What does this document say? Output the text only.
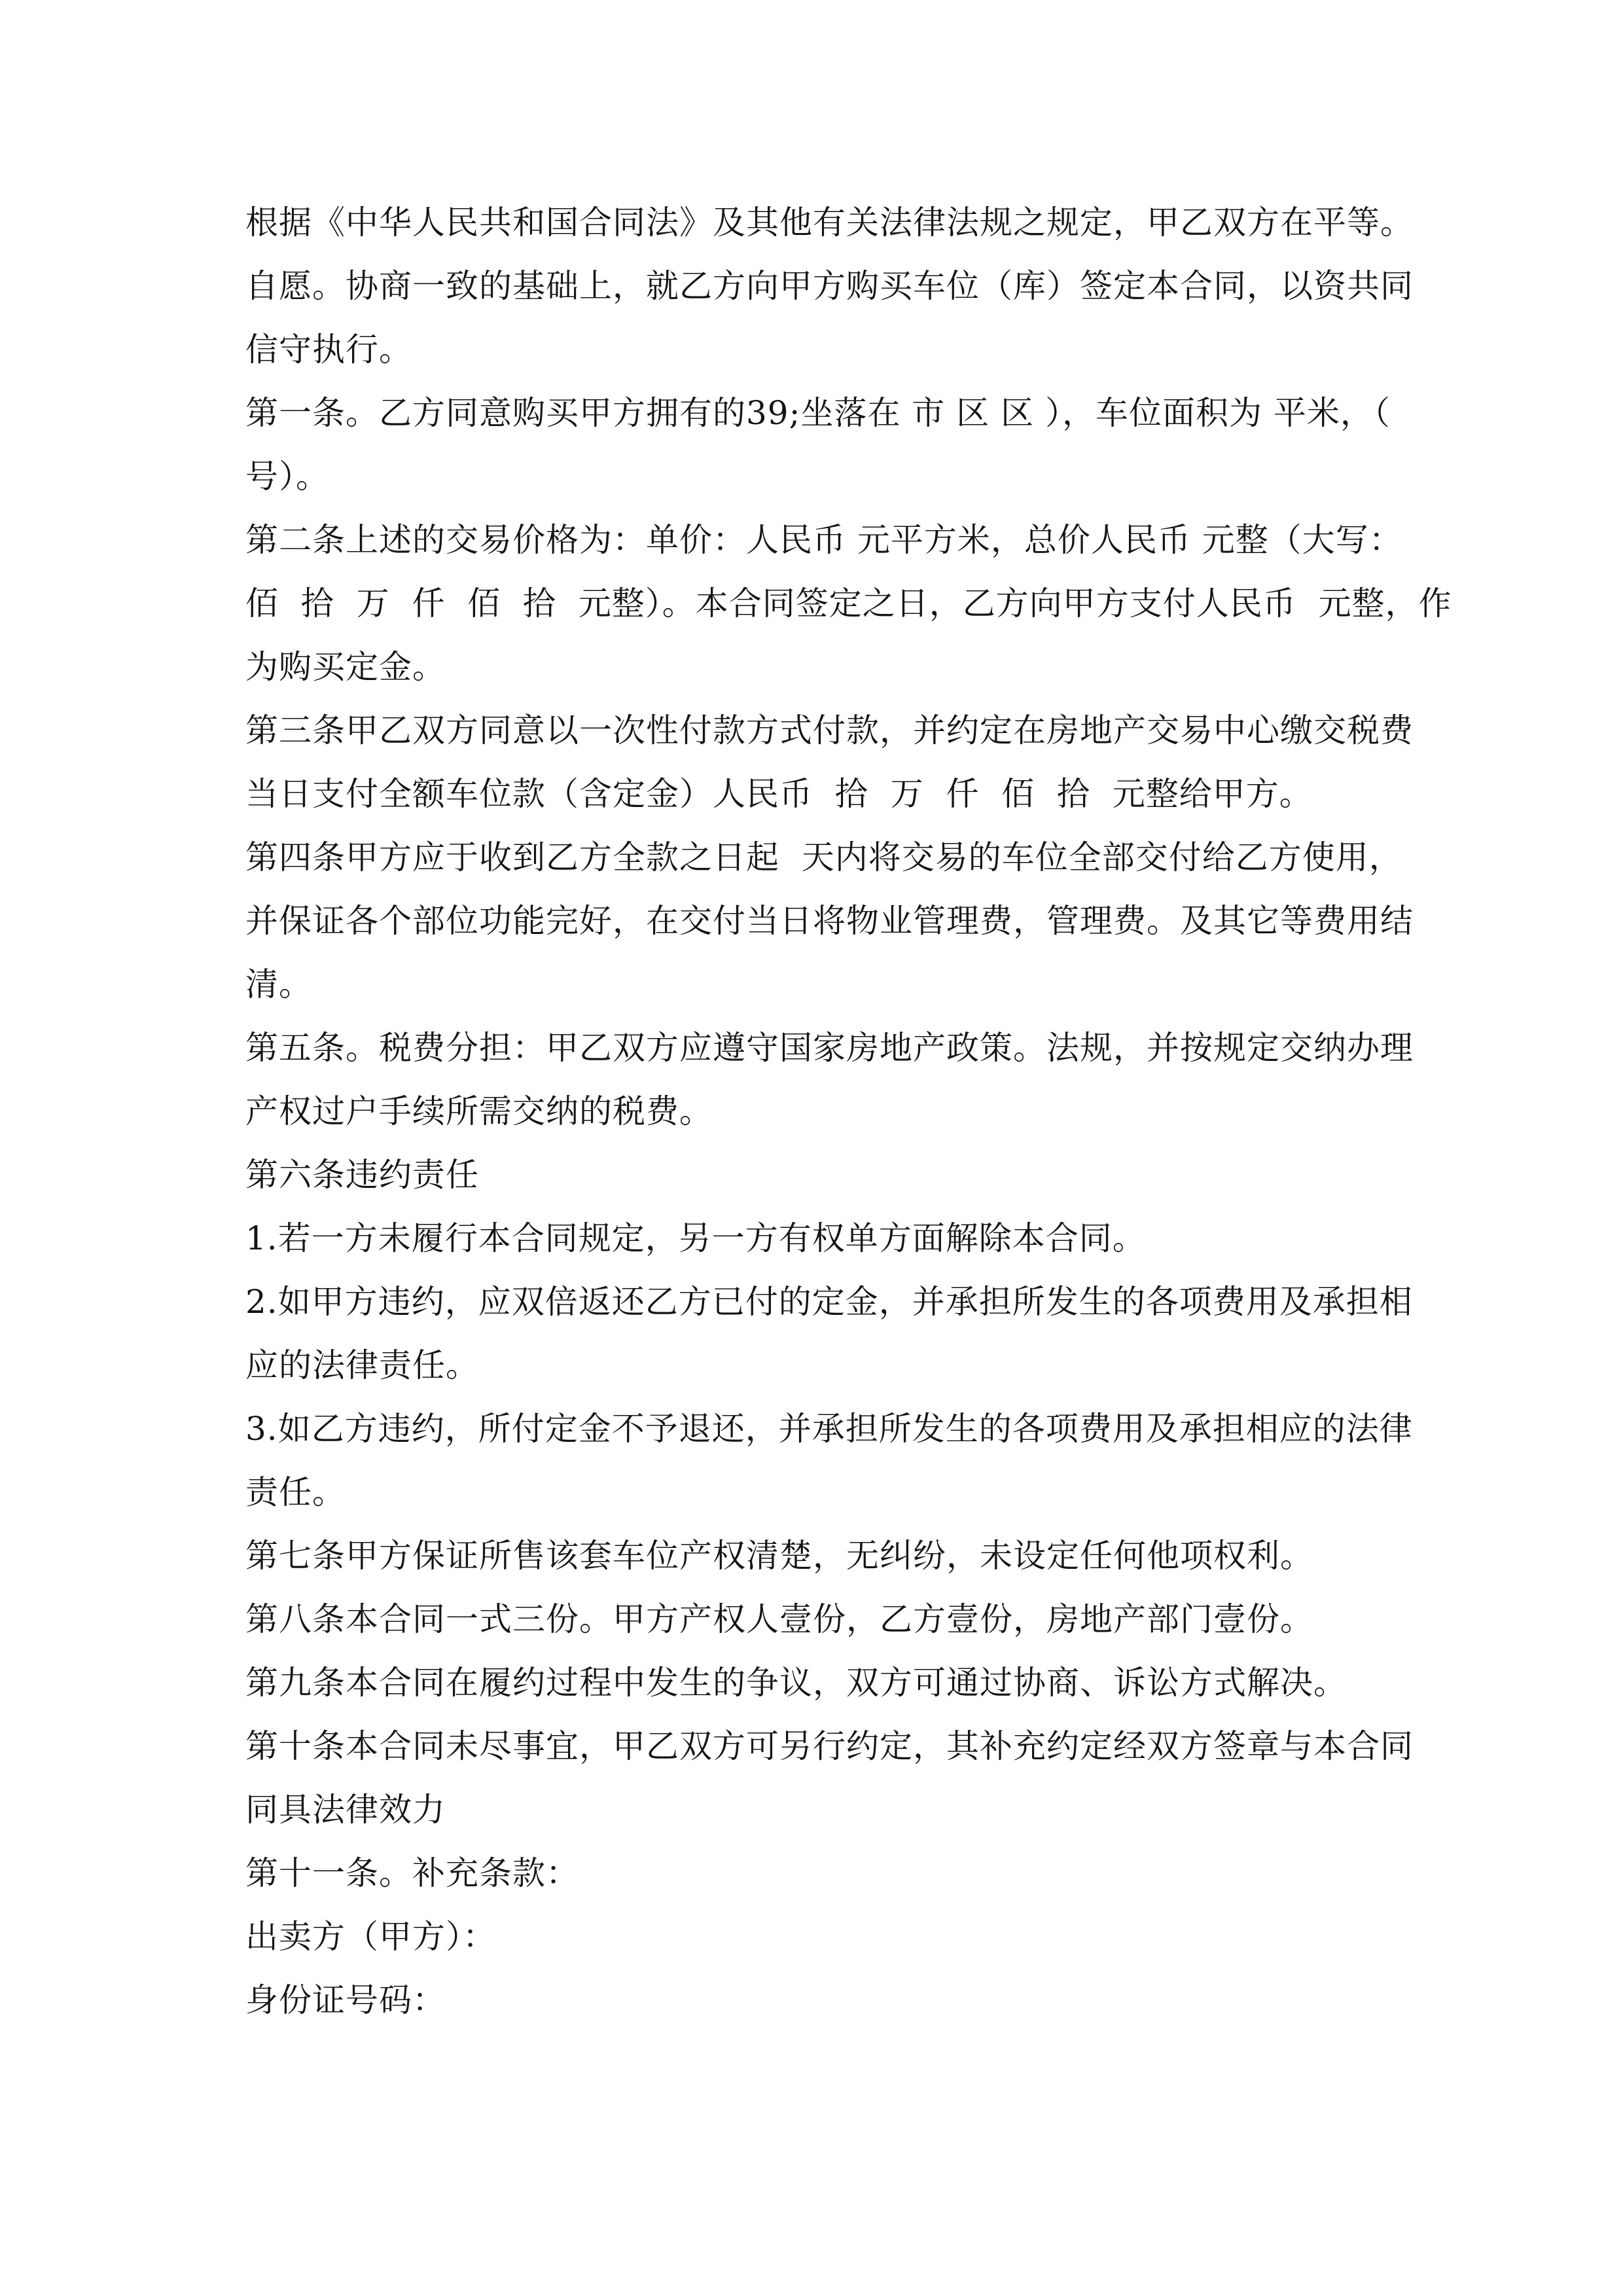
根据《中华人民共和国合同法》及其他有关法律法规之规定，甲乙双方在平等。
自愿。协商一致的基础上，就乙方向甲方购买车位（库）签定本合同，以资共同
信守执行。
第一条。乙方同意购买甲方拥有的39;坐落在 市 区 区 ），车位面积为 平米，（
号）。
第二条上述的交易价格为：单价：人民币 元平方米，总价人民币 元整（大写：
佰  拾  万  仟  佰  拾  元整）。本合同签定之日，乙方向甲方支付人民币  元整，作
为购买定金。
第三条甲乙双方同意以一次性付款方式付款，并约定在房地产交易中心缴交税费
当日支付全额车位款（含定金）人民币  拾  万  仟  佰  拾  元整给甲方。
第四条甲方应于收到乙方全款之日起  天内将交易的车位全部交付给乙方使用，
并保证各个部位功能完好，在交付当日将物业管理费，管理费。及其它等费用结
清。
第五条。税费分担：甲乙双方应遵守国家房地产政策。法规，并按规定交纳办理
产权过户手续所需交纳的税费。
第六条违约责任
1.若一方未履行本合同规定，另一方有权单方面解除本合同。
2.如甲方违约，应双倍返还乙方已付的定金，并承担所发生的各项费用及承担相
应的法律责任。
3.如乙方违约，所付定金不予退还，并承担所发生的各项费用及承担相应的法律
责任。
第七条甲方保证所售该套车位产权清楚，无纠纷，未设定任何他项权利。
第八条本合同一式三份。甲方产权人壹份，乙方壹份，房地产部门壹份。
第九条本合同在履约过程中发生的争议，双方可通过协商、诉讼方式解决。
第十条本合同未尽事宜，甲乙双方可另行约定，其补充约定经双方签章与本合同
同具法律效力
第十一条。补充条款：
出卖方（甲方）：
身份证号码：
